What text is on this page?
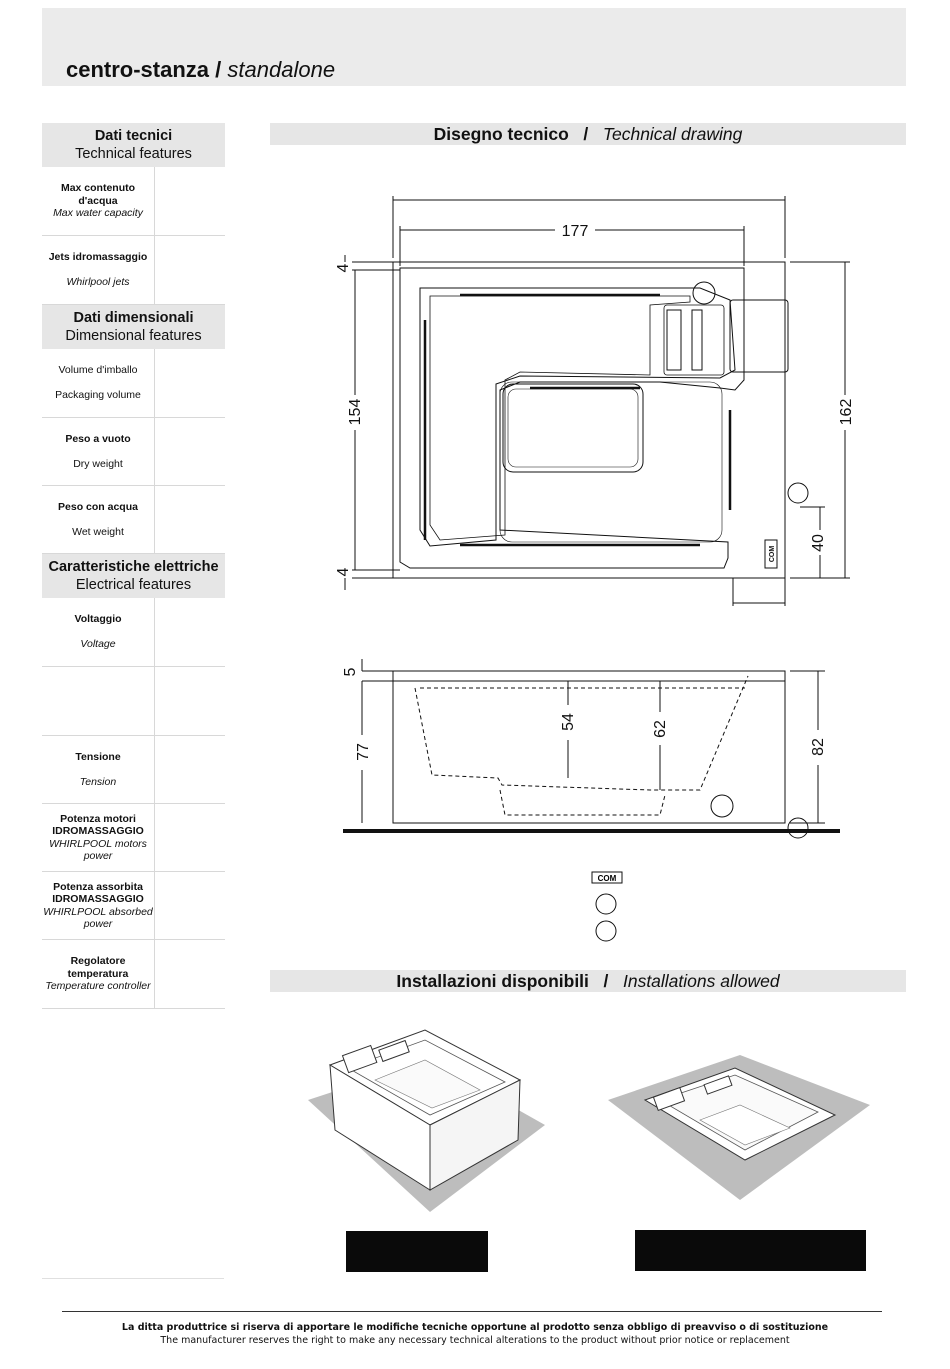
centro-stanza / standalone
Dati tecnici
Technical features
Max contenuto d'acqua
Max water capacity
Jets idromassaggio

Whirlpool jets
Dati dimensionali
Dimensional features
Volume d'imballo

Packaging volume
Peso a vuoto

Dry weight
Peso con acqua

Wet weight
Caratteristiche elettriche
Electrical features
Voltaggio

Voltage
Tensione

Tension
Potenza motori IDROMASSAGGIO
WHIRLPOOL motors power
Potenza assorbita IDROMASSAGGIO
WHIRLPOOL absorbed power
Regolatore temperatura
Temperature controller
Disegno tecnico / Technical drawing
Installazioni disponibili / Installations allowed
177
4
154
4
162
40
5
77
54	62
82
COM
COM
La ditta produttrice si riserva di apportare le modifiche tecniche opportune al prodotto senza obbligo di preavviso o di sostituzione
The manufacturer reserves the right to make any necessary technical alterations to the product without prior notice or replacement
